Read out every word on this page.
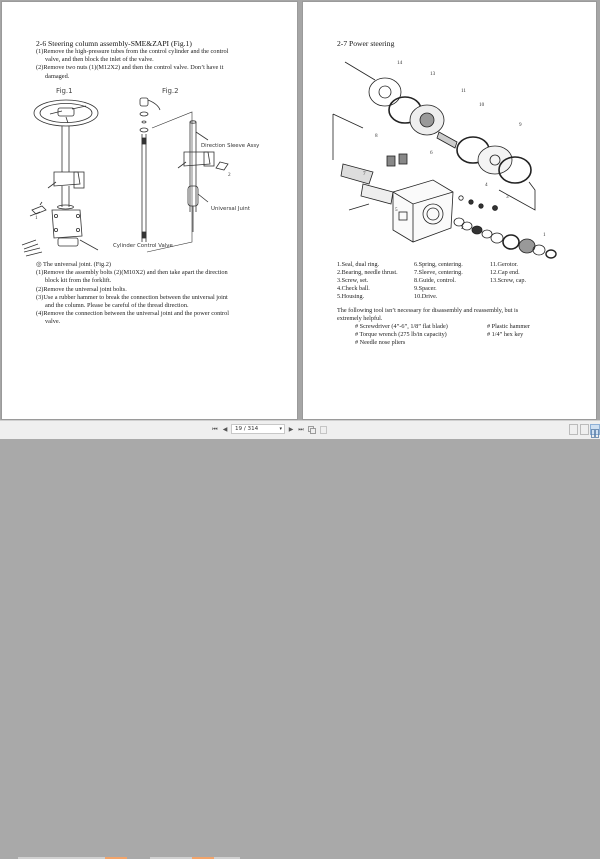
2-6 Steering column assembly-SME&ZAPI (Fig.1)
(1)Remove the high-pressure tubes from the control cylinder and the control
valve, and then block the inlet of the valve.
(2)Remove two nuts (1)(M12X2) and then the control valve. Don’t have it
damaged.
Fig.1	Fig.2
Direction Sleeve Assy
Universal Juint
Cylinder Control Valve
1
2
◎ The universal joint. (Fig.2)
(1)Remove the assembly bolts (2)(M10X2) and then take apart the direction
block kit from the forklift.
(2)Remove the universal joint bolts.
(3)Use a rubber hammer to break the connection between the universal joint
and the column. Please be careful of the thread direction.
(4)Remove the connection between the universal joint and the power control
valve.
2-7 Power steering
14
13
11
10
9
8
6
7
5
4
3
2
1
1.Seal, dual ring.
2.Bearing, needle thrust.
3.Screw, set.
4.Check ball.
5.Housing.
6.Spring, centering.
7.Sleeve, centering.
8.Guide, control.
9.Spacer.
10.Drive.
11.Gerotor.
12.Cap end.
13.Screw, cap.
The following tool isn’t necessary for disassembly and reassembly, but is
extremely helpful.
# Screwdriver (4”-6”, 1/8” flat blade)	# Plastic hammer
# Torque wrench (275 lb/in capacity)	# 1/4” hex key
# Needle nose pliers
⏮ ◀	19 / 314	▾ ▶ ⏭
